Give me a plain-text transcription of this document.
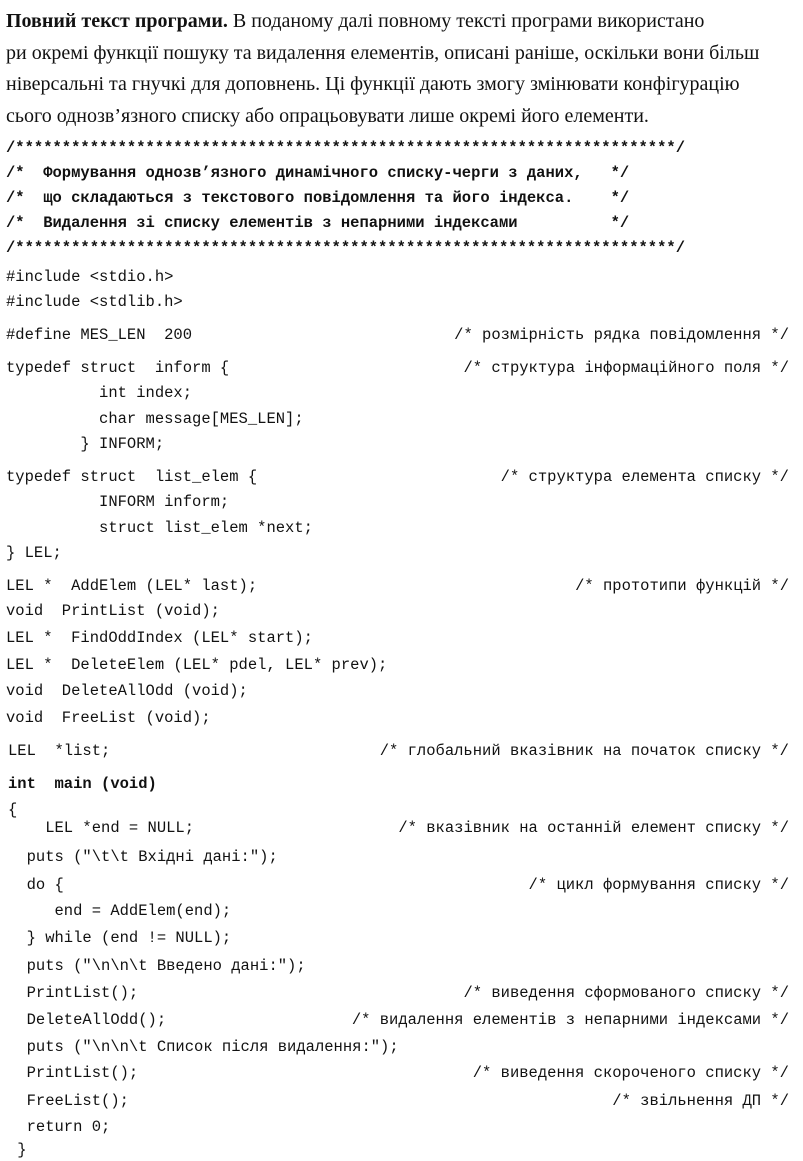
Повний текст програми. В поданому далі повному тексті програми використано
ри окремі функції пошуку та видалення елементів, описані раніше, оскільки вони більш
ніверсальні та гнучкі для доповнень. Ці функції дають змогу змінювати конфігурацію
сього однозв’язного списку або опрацьовувати лише окремі його елементи.
/***********************************************************************/
/*  Формування однозв’язного динамічного списку-черги з даних,   */
/*  що складаються з текстового повідомлення та його індекса.    */
/*  Видалення зі списку елементів з непарними індексами          */
/***********************************************************************/
#include <stdio.h>
#include <stdlib.h>
#define MES_LEN  200	/* розмірність рядка повідомлення */
typedef struct  inform {	/* структура інформаційного поля */
int index;
char message[MES_LEN];
} INFORM;
typedef struct  list_elem {	/* структура елемента списку */
INFORM inform;
struct list_elem *next;
} LEL;
LEL *  AddElem (LEL* last);	/* прототипи функцій */
void  PrintList (void);
LEL *  FindOddIndex (LEL* start);
LEL *  DeleteElem (LEL* pdel, LEL* prev);
void  DeleteAllOdd (void);
void  FreeList (void);
LEL  *list;	/* глобальний вказівник на початок списку */
int  main (void)
{
LEL *end = NULL;	/* вказівник на останній елемент списку */
puts ("\t\t Вхідні дані:");
do {	/* цикл формування списку */
end = AddElem(end);
} while (end != NULL);
puts ("\n\n\t Введено дані:");
PrintList();	/* виведення сформованого списку */
DeleteAllOdd();	/* видалення елементів з непарними індексами */
puts ("\n\n\t Список після видалення:");
PrintList();	/* виведення скороченого списку */
FreeList();	/* звільнення ДП */
return 0;
}
